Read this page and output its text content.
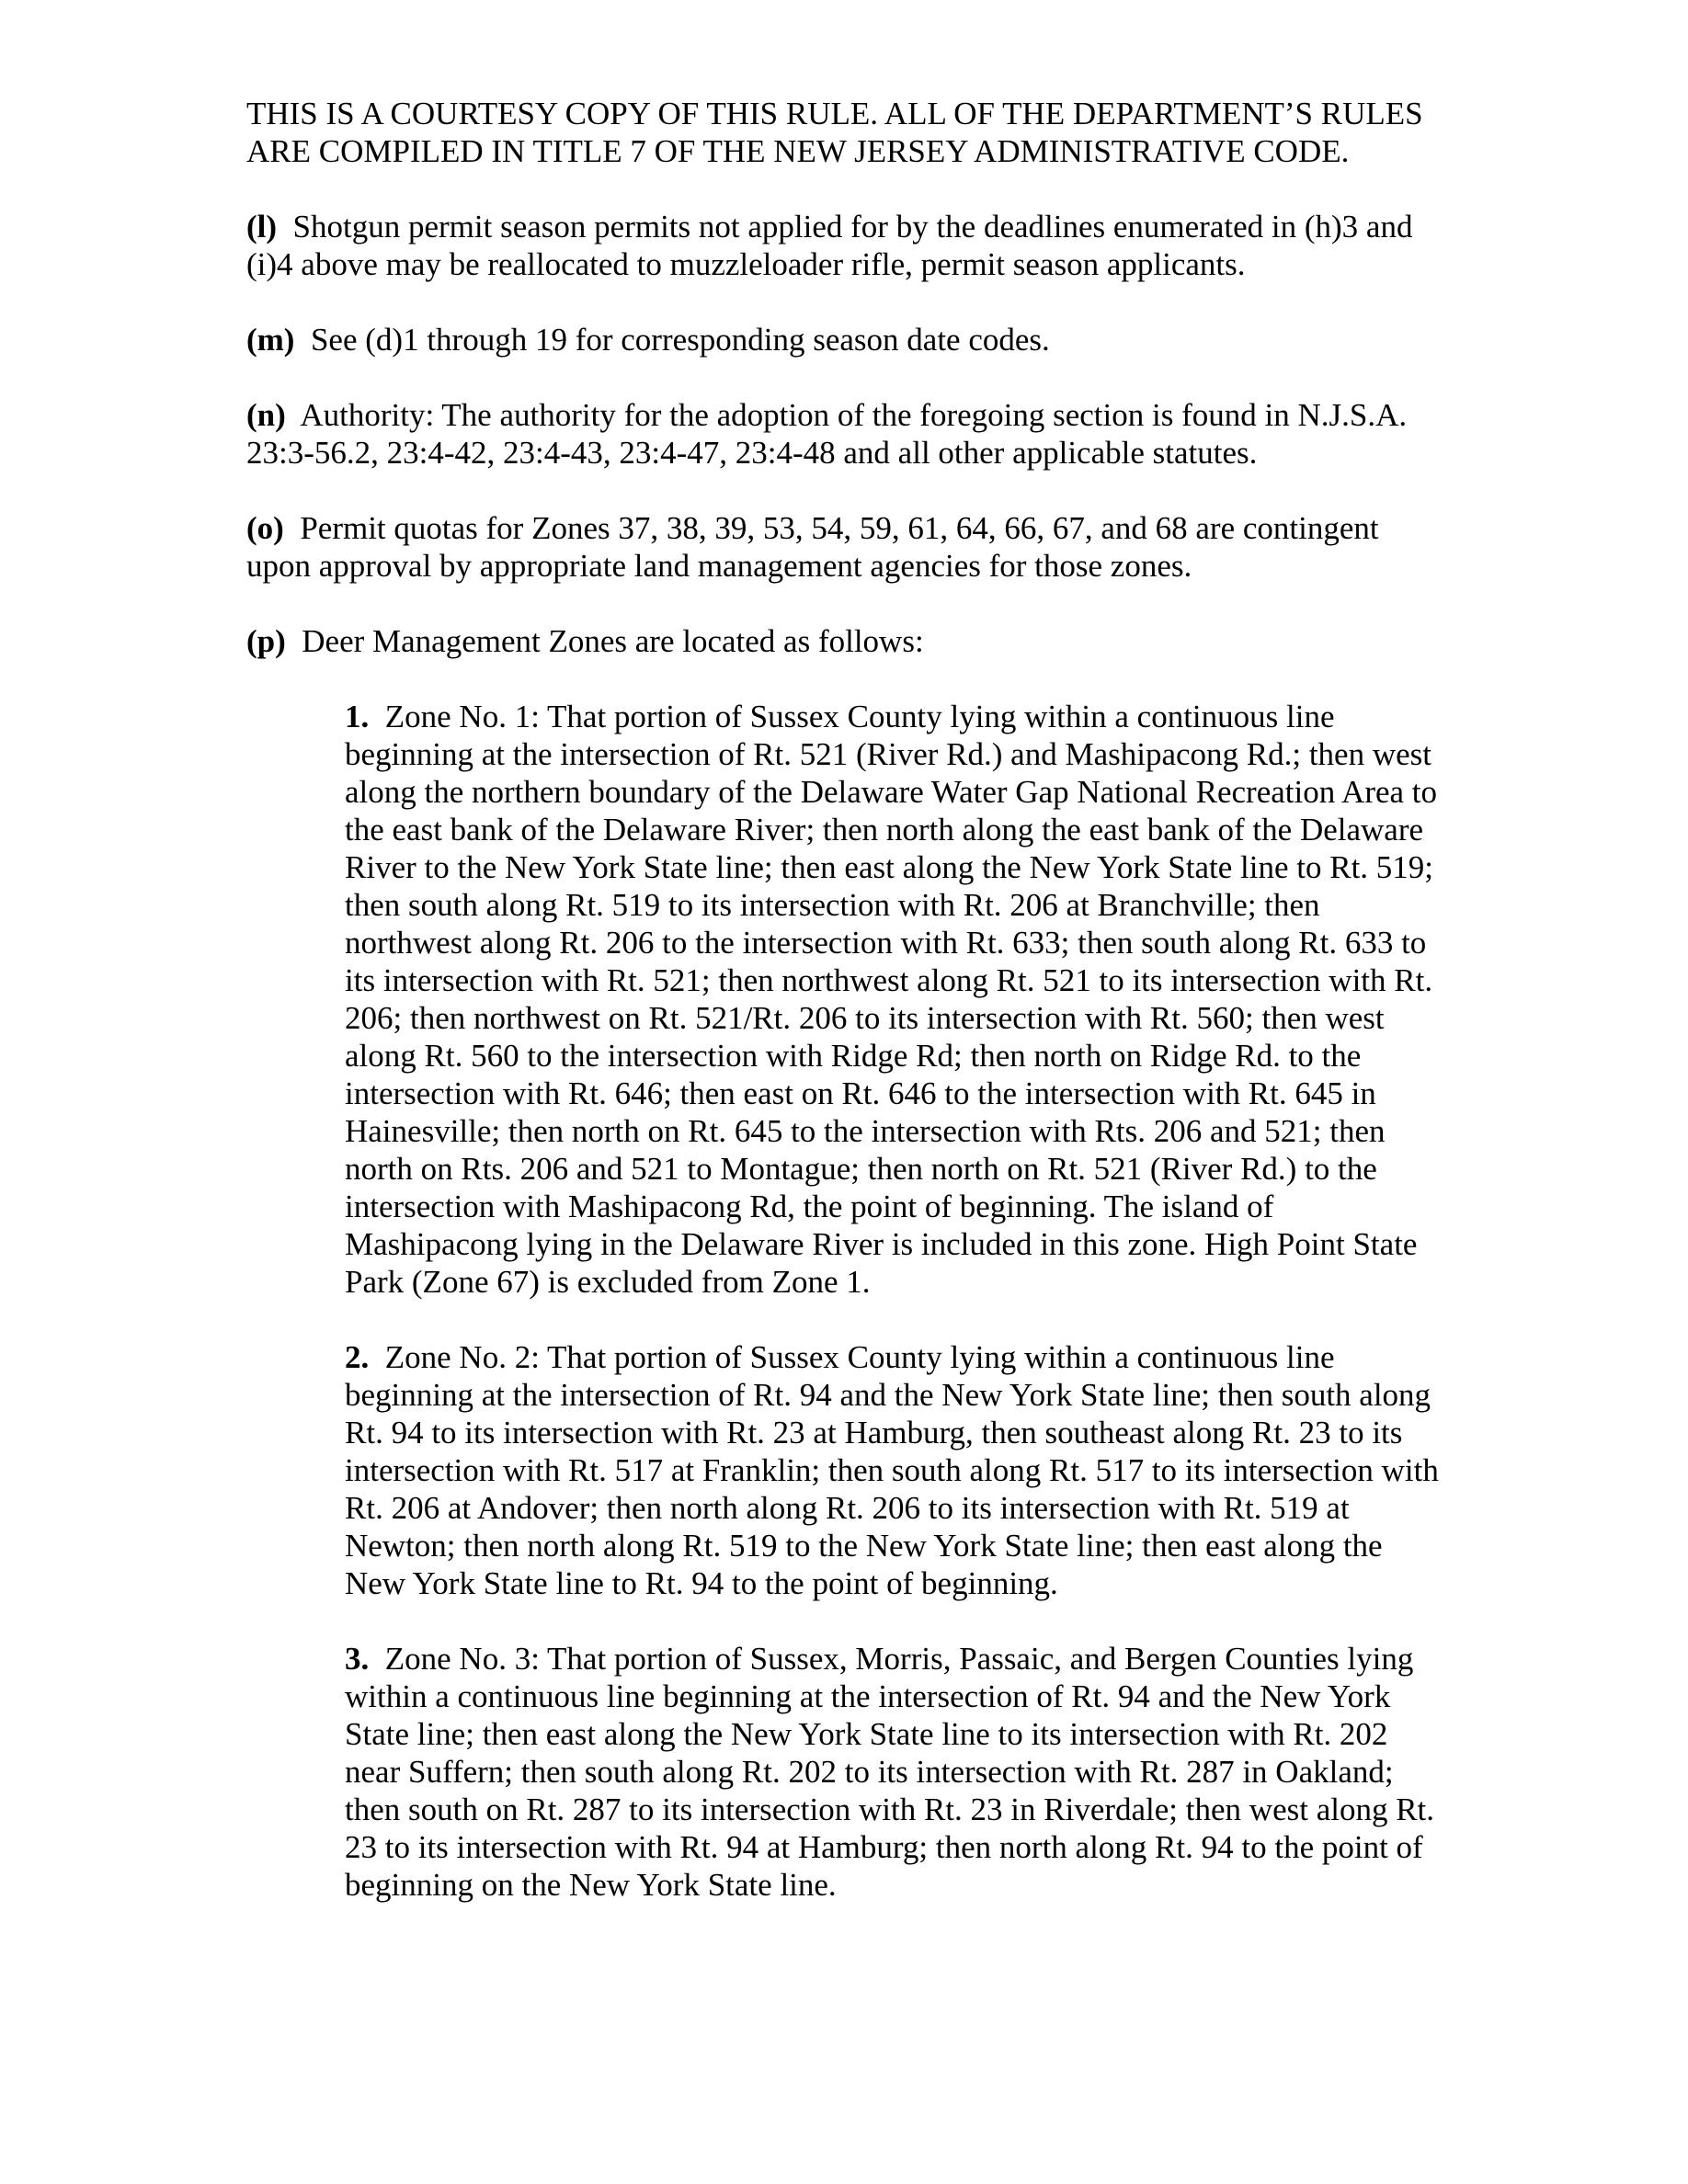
THIS IS A COURTESY COPY OF THIS RULE. ALL OF THE DEPARTMENT’S RULES ARE COMPILED IN TITLE 7 OF THE NEW JERSEY ADMINISTRATIVE CODE.
(l) Shotgun permit season permits not applied for by the deadlines enumerated in (h)3 and (i)4 above may be reallocated to muzzleloader rifle, permit season applicants.
(m) See (d)1 through 19 for corresponding season date codes.
(n) Authority: The authority for the adoption of the foregoing section is found in N.J.S.A. 23:3-56.2, 23:4-42, 23:4-43, 23:4-47, 23:4-48 and all other applicable statutes.
(o) Permit quotas for Zones 37, 38, 39, 53, 54, 59, 61, 64, 66, 67, and 68 are contingent upon approval by appropriate land management agencies for those zones.
(p) Deer Management Zones are located as follows:
1. Zone No. 1: That portion of Sussex County lying within a continuous line beginning at the intersection of Rt. 521 (River Rd.) and Mashipacong Rd.; then west along the northern boundary of the Delaware Water Gap National Recreation Area to the east bank of the Delaware River; then north along the east bank of the Delaware River to the New York State line; then east along the New York State line to Rt. 519; then south along Rt. 519 to its intersection with Rt. 206 at Branchville; then northwest along Rt. 206 to the intersection with Rt. 633; then south along Rt. 633 to its intersection with Rt. 521; then northwest along Rt. 521 to its intersection with Rt. 206; then northwest on Rt. 521/Rt. 206 to its intersection with Rt. 560; then west along Rt. 560 to the intersection with Ridge Rd; then north on Ridge Rd. to the intersection with Rt. 646; then east on Rt. 646 to the intersection with Rt. 645 in Hainesville; then north on Rt. 645 to the intersection with Rts. 206 and 521; then north on Rts. 206 and 521 to Montague; then north on Rt. 521 (River Rd.) to the intersection with Mashipacong Rd, the point of beginning. The island of Mashipacong lying in the Delaware River is included in this zone. High Point State Park (Zone 67) is excluded from Zone 1.
2. Zone No. 2: That portion of Sussex County lying within a continuous line beginning at the intersection of Rt. 94 and the New York State line; then south along Rt. 94 to its intersection with Rt. 23 at Hamburg, then southeast along Rt. 23 to its intersection with Rt. 517 at Franklin; then south along Rt. 517 to its intersection with Rt. 206 at Andover; then north along Rt. 206 to its intersection with Rt. 519 at Newton; then north along Rt. 519 to the New York State line; then east along the New York State line to Rt. 94 to the point of beginning.
3. Zone No. 3: That portion of Sussex, Morris, Passaic, and Bergen Counties lying within a continuous line beginning at the intersection of Rt. 94 and the New York State line; then east along the New York State line to its intersection with Rt. 202 near Suffern; then south along Rt. 202 to its intersection with Rt. 287 in Oakland; then south on Rt. 287 to its intersection with Rt. 23 in Riverdale; then west along Rt. 23 to its intersection with Rt. 94 at Hamburg; then north along Rt. 94 to the point of beginning on the New York State line.
